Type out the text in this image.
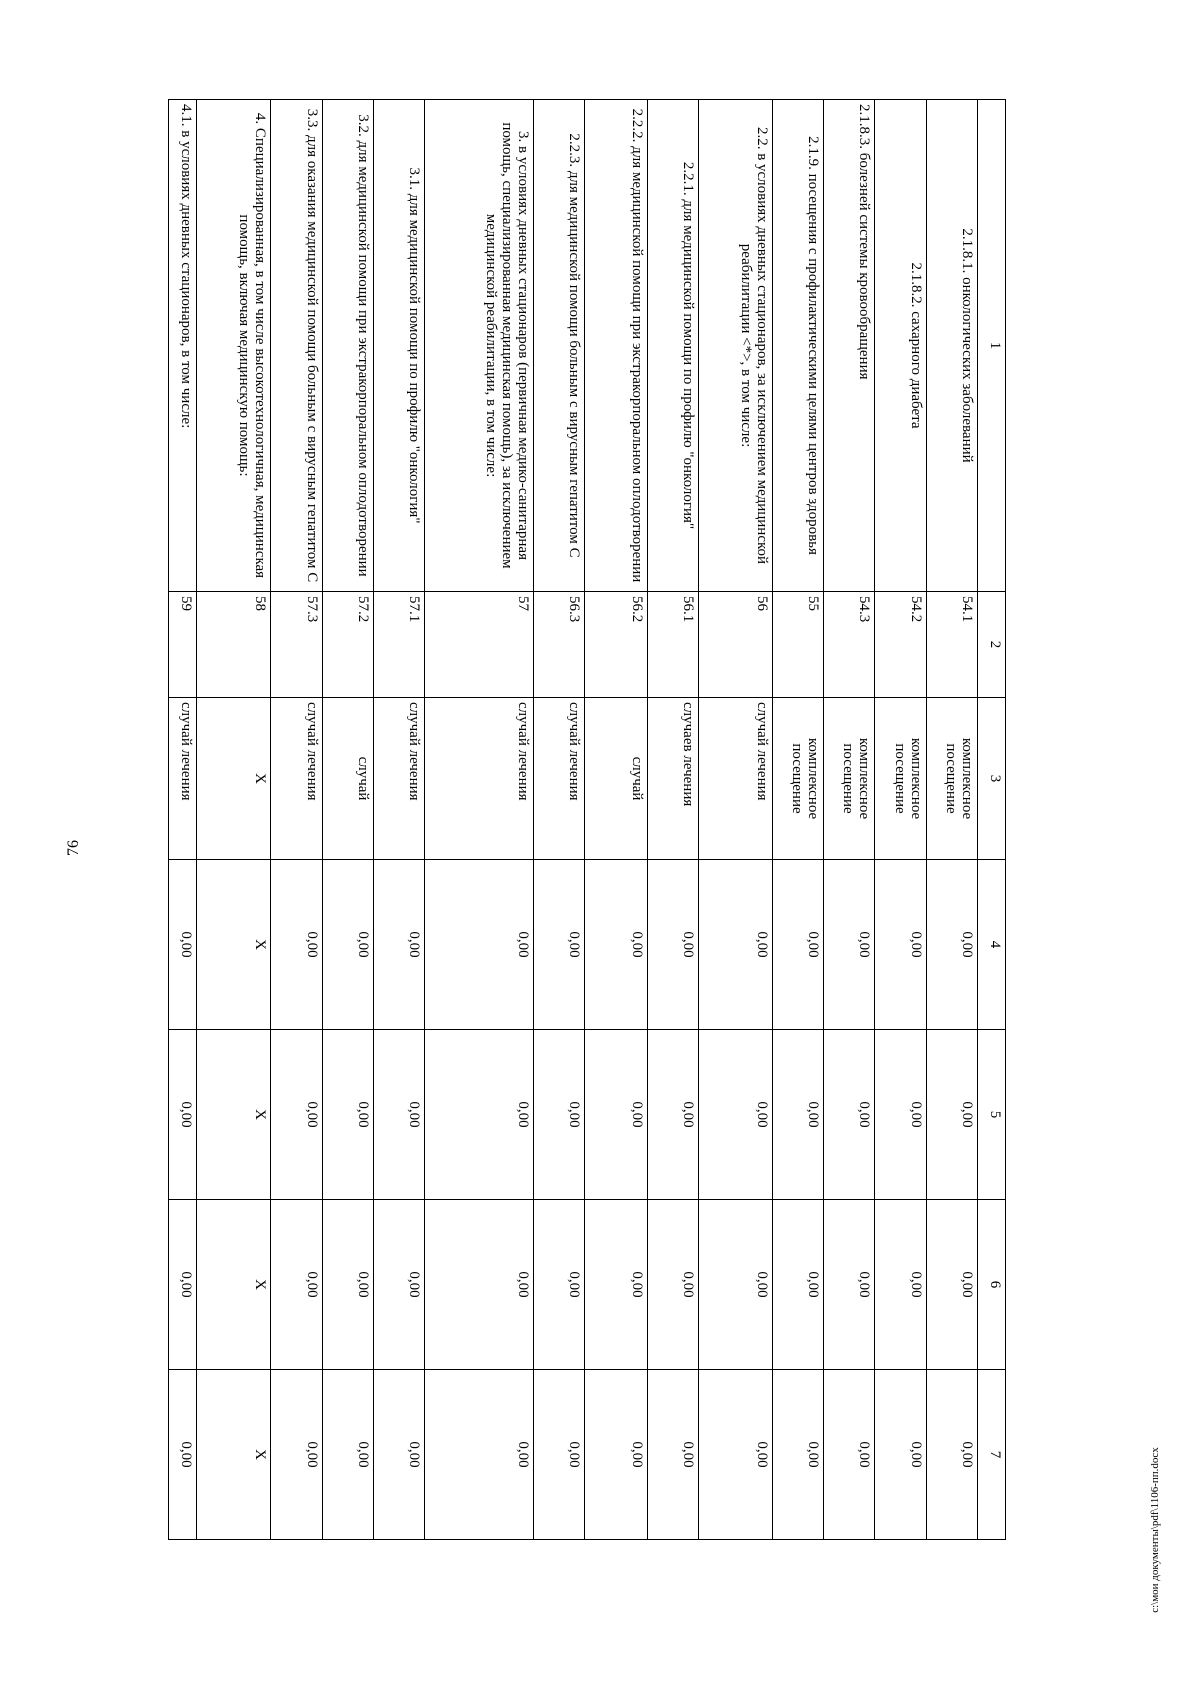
76
1	2	3	4	5	6	7
2.1.8.1. онкологических заболеваний	54.1	комплексное посещение	0,00	0,00	0,00	0,00
2.1.8.2. сахарного диабета	54.2	комплексное посещение	0,00	0,00	0,00	0,00
2.1.8.3. болезней системы кровообращения	54.3	комплексное посещение	0,00	0,00	0,00	0,00
2.1.9. посещения с профилактическими целями центров здоровья	55	комплексное посещение	0,00	0,00	0,00	0,00
2.2. в условиях дневных стационаров, за исключением медицинской реабилитации <*>, в том числе:	56	случай лечения	0,00	0,00	0,00	0,00
2.2.1. для медицинской помощи по профилю "онкология"	56.1	случаев лечения	0,00	0,00	0,00	0,00
2.2.2. для медицинской помощи при экстракорпоральном оплодотворении	56.2	случай	0,00	0,00	0,00	0,00
2.2.3. для медицинской помощи больным с вирусным гепатитом С	56.3	случай лечения	0,00	0,00	0,00	0,00
3. в условиях дневных стационаров (первичная медико-санитарная помощь, специализированная медицинская помощь), за исключением медицинской реабилитации, в том числе:	57	случай лечения	0,00	0,00	0,00	0,00
3.1. для медицинской помощи по профилю "онкология"	57.1	случай лечения	0,00	0,00	0,00	0,00
3.2. для медицинской помощи при экстракорпоральном оплодотворении	57.2	случай	0,00	0,00	0,00	0,00
3.3. для оказания медицинской помощи больным с вирусным гепатитом С	57.3	случай лечения	0,00	0,00	0,00	0,00
4. Специализированная, в том числе высокотехнологичная, медицинская помощь, включая медицинскую помощь:	58	X	X	X	X	X
4.1. в условиях дневных стационаров, в том числе:	59	случай лечения	0,00	0,00	0,00	0,00	c:\мои документы\pdf\1106-пп.docx
